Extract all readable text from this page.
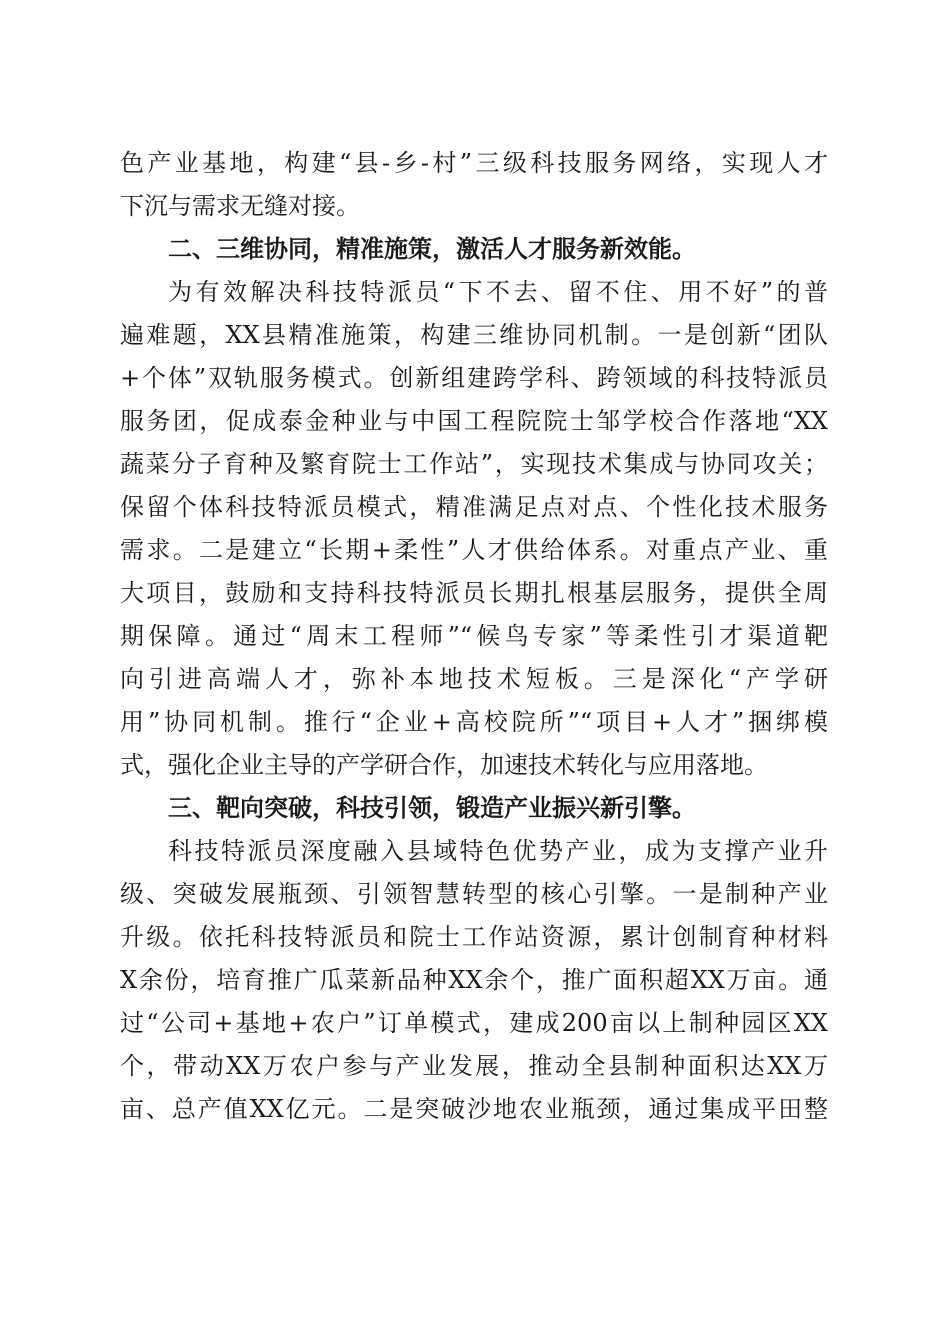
色产业基地，构建“县-乡-村”三级科技服务网络，实现人才
下沉与需求无缝对接。
二、三维协同，精准施策，激活人才服务新效能。
为有效解决科技特派员“下不去、留不住、用不好”的普
遍难题，XX县精准施策，构建三维协同机制。一是创新“团队
+个体”双轨服务模式。创新组建跨学科、跨领域的科技特派员
服务团，促成泰金种业与中国工程院院士邹学校合作落地“XX
蔬菜分子育种及繁育院士工作站”，实现技术集成与协同攻关；
保留个体科技特派员模式，精准满足点对点、个性化技术服务
需求。二是建立“长期+柔性”人才供给体系。对重点产业、重
大项目，鼓励和支持科技特派员长期扎根基层服务，提供全周
期保障。通过“周末工程师”“候鸟专家”等柔性引才渠道靶
向引进高端人才，弥补本地技术短板。三是深化“产学研
用”协同机制。推行“企业+高校院所”“项目+人才”捆绑模
式，强化企业主导的产学研合作，加速技术转化与应用落地。
三、靶向突破，科技引领，锻造产业振兴新引擎。
科技特派员深度融入县域特色优势产业，成为支撑产业升
级、突破发展瓶颈、引领智慧转型的核心引擎。一是制种产业
升级。依托科技特派员和院士工作站资源，累计创制育种材料
X余份，培育推广瓜菜新品种XX余个，推广面积超XX万亩。通
过“公司+基地+农户”订单模式，建成200亩以上制种园区XX
个，带动XX万农户参与产业发展，推动全县制种面积达XX万
亩、总产值XX亿元。二是突破沙地农业瓶颈，通过集成平田整
